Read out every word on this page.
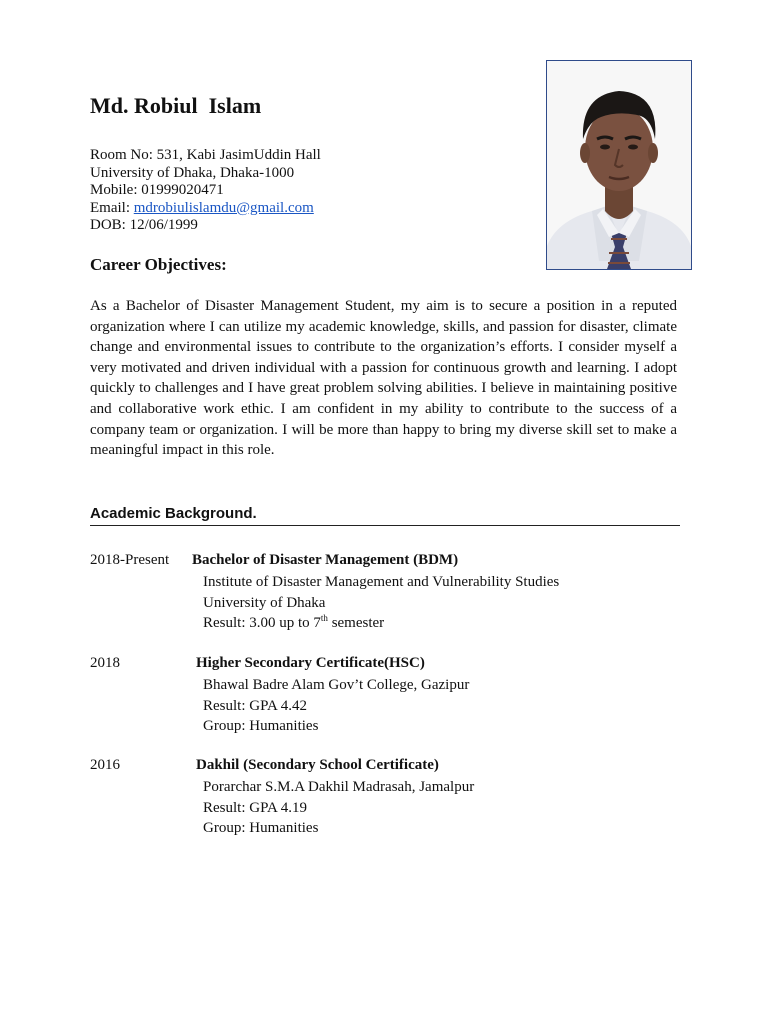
Md. Robiul  Islam
Room No: 531, Kabi JasimUddin Hall
University of Dhaka, Dhaka-1000
Mobile: 01999020471
Email: mdrobiulislamdu@gmail.com
DOB: 12/06/1999
Career Objectives:

As a Bachelor of Disaster Management Student, my aim is to secure a position in a reputed organization where I can utilize my academic knowledge, skills, and passion for disaster, climate change and environmental issues to contribute to the organization’s efforts. I consider myself a very motivated and driven individual with a passion for continuous growth and learning. I adopt quickly to challenges and I have great problem solving abilities. I believe in maintaining positive and collaborative work ethic. I am confident in my ability to contribute to the success of a company team or organization. I will be more than happy to bring my diverse skill set to make a meaningful impact in this role.

Academic Background.
2018-Present Bachelor of Disaster Management (BDM)
Institute of Disaster Management and Vulnerability Studies
University of Dhaka
Result: 3.00 up to 7th semester
2018	Higher Secondary Certificate(HSC)
Bhawal Badre Alam Gov’t College, Gazipur
Result: GPA 4.42
Group: Humanities
2016	Dakhil (Secondary School Certificate)
Porarchar S.M.A Dakhil Madrasah, Jamalpur
Result: GPA 4.19
Group: Humanities
